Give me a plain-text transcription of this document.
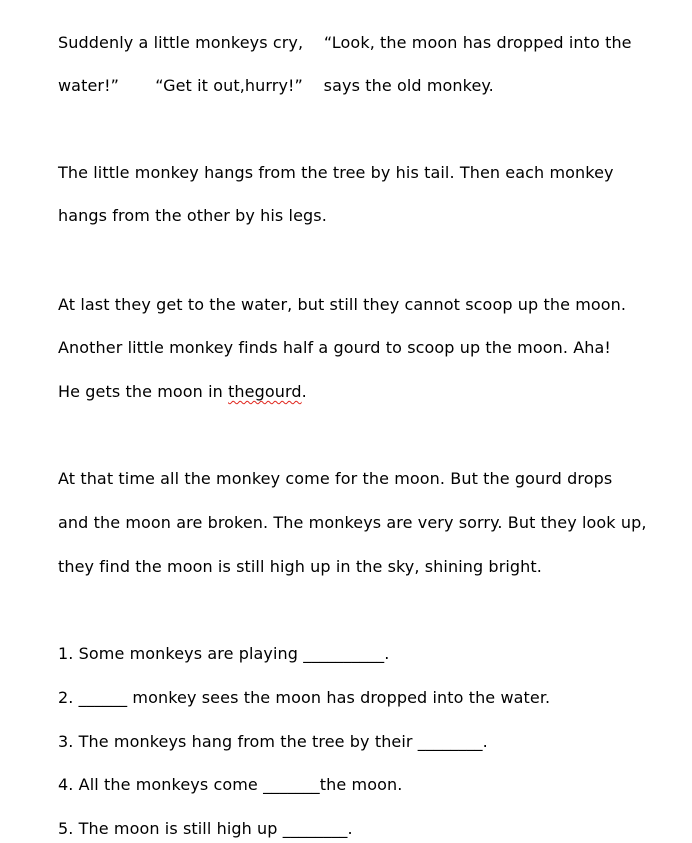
Suddenly a little monkeys cry,    “Look, the moon has dropped into the
water!”       “Get it out,hurry!”    says the old monkey.
The little monkey hangs from the tree by his tail. Then each monkey
hangs from the other by his legs.
At last they get to the water, but still they cannot scoop up the moon.
Another little monkey finds half a gourd to scoop up the moon. Aha!
He gets the moon in thegourd.
At that time all the monkey come for the moon. But the gourd drops
and the moon are broken. The monkeys are very sorry. But they look up,
they find the moon is still high up in the sky, shining bright.
1. Some monkeys are playing __________.
2. ______ monkey sees the moon has dropped into the water.
3. The monkeys hang from the tree by their ________.
4. All the monkeys come _______the moon.
5. The moon is still high up ________.
